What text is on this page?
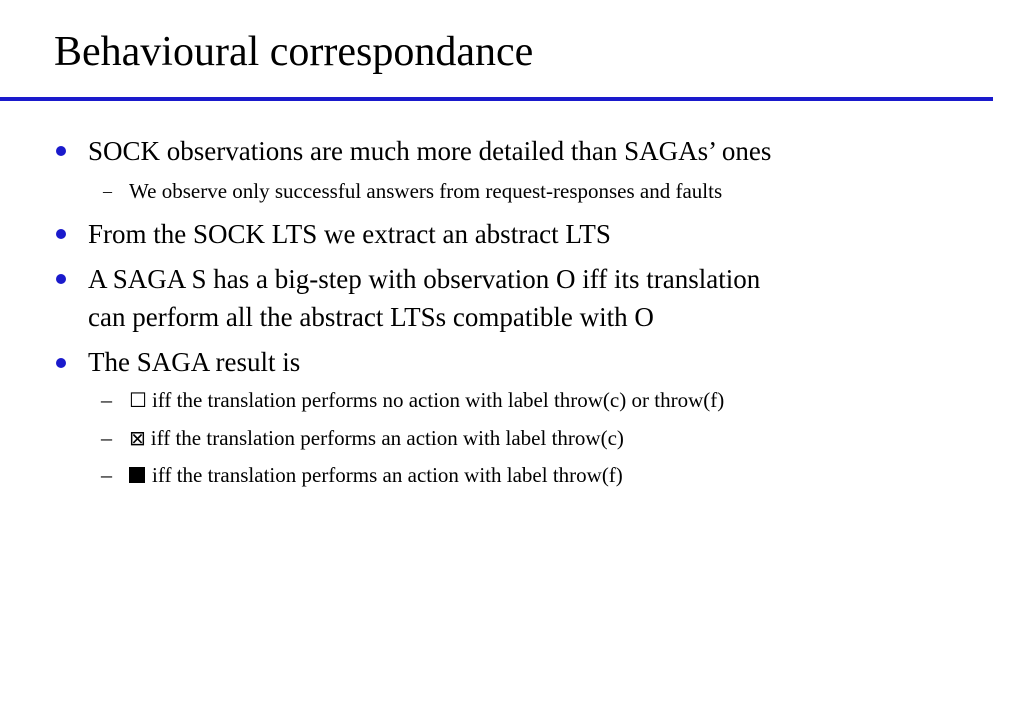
Behavioural correspondance
SOCK observations are much more detailed than SAGAs’ ones
– We observe only successful answers from request-responses and faults
From the SOCK LTS we extract an abstract LTS
A SAGA S has a big-step with observation O iff its translation
can perform all the abstract LTSs compatible with O
The SAGA result is
– ☐ iff the translation performs no action with label throw(c) or throw(f)
– ⊠ iff the translation performs an action with label throw(c)
–	iff the translation performs an action with label throw(f)
